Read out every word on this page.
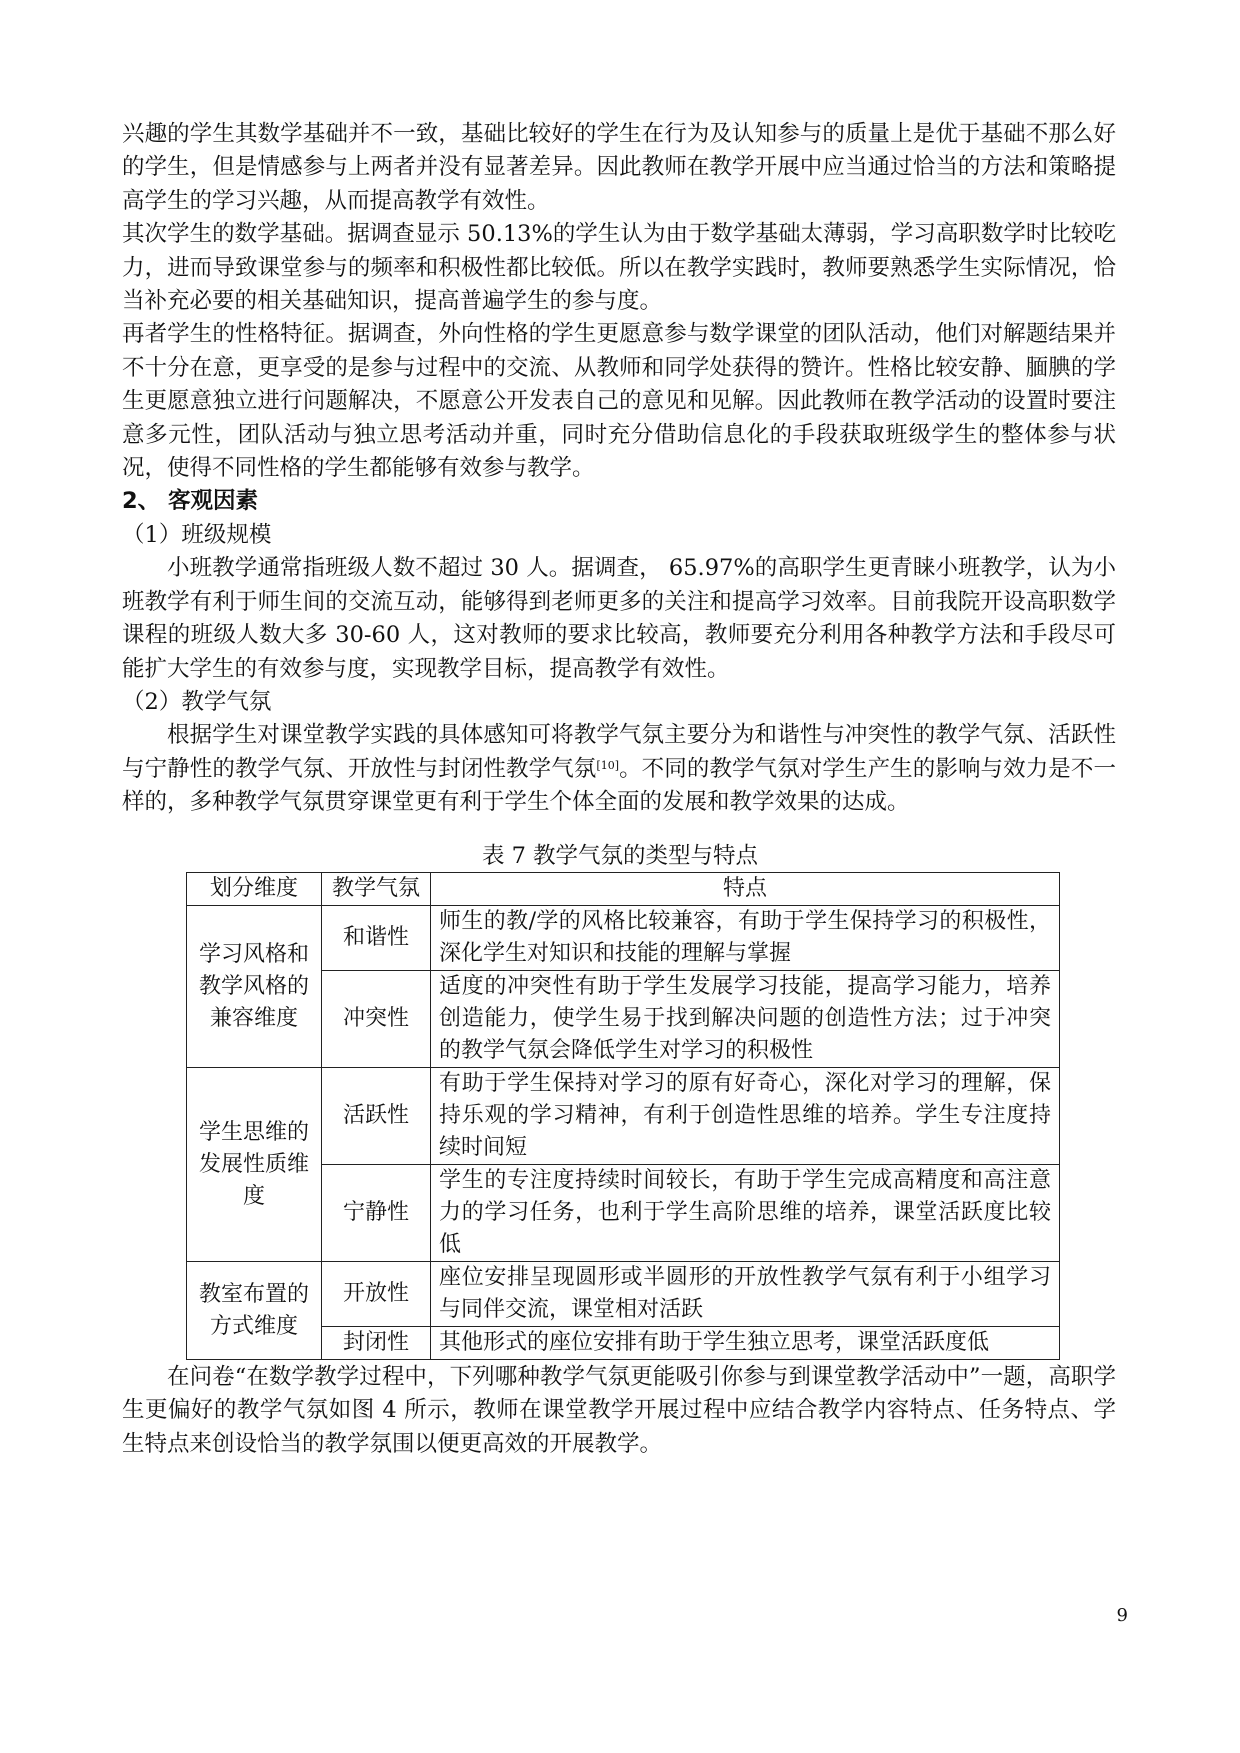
兴趣的学生其数学基础并不一致，基础比较好的学生在行为及认知参与的质量上是优于基础不那么好的学生，但是情感参与上两者并没有显著差异。因此教师在教学开展中应当通过恰当的方法和策略提高学生的学习兴趣，从而提高教学有效性。

其次学生的数学基础。据调查显示 50.13%的学生认为由于数学基础太薄弱，学习高职数学时比较吃力，进而导致课堂参与的频率和积极性都比较低。所以在教学实践时，教师要熟悉学生实际情况，恰当补充必要的相关基础知识，提高普遍学生的参与度。

再者学生的性格特征。据调查，外向性格的学生更愿意参与数学课堂的团队活动，他们对解题结果并不十分在意，更享受的是参与过程中的交流、从教师和同学处获得的赞许。性格比较安静、腼腆的学生更愿意独立进行问题解决，不愿意公开发表自己的意见和见解。因此教师在教学活动的设置时要注意多元性，团队活动与独立思考活动并重，同时充分借助信息化的手段获取班级学生的整体参与状况，使得不同性格的学生都能够有效参与教学。

2、 客观因素

（1）班级规模

小班教学通常指班级人数不超过 30 人。据调查， 65.97%的高职学生更青睐小班教学，认为小班教学有利于师生间的交流互动，能够得到老师更多的关注和提高学习效率。目前我院开设高职数学课程的班级人数大多 30-60 人，这对教师的要求比较高，教师要充分利用各种教学方法和手段尽可能扩大学生的有效参与度，实现教学目标，提高教学有效性。

（2）教学气氛

根据学生对课堂教学实践的具体感知可将教学气氛主要分为和谐性与冲突性的教学气氛、活跃性与宁静性的教学气氛、开放性与封闭性教学气氛[10]。不同的教学气氛对学生产生的影响与效力是不一样的，多种教学气氛贯穿课堂更有利于学生个体全面的发展和教学效果的达成。

表 7 教学气氛的类型与特点
划分维度	教学气氛	特点
学习风格和教学风格的兼容维度	和谐性	师生的教/学的风格比较兼容，有助于学生保持学习的积极性，深化学生对知识和技能的理解与掌握
	冲突性	适度的冲突性有助于学生发展学习技能，提高学习能力，培养创造能力，使学生易于找到解决问题的创造性方法；过于冲突的教学气氛会降低学生对学习的积极性
学生思维的发展性质维度	活跃性	有助于学生保持对学习的原有好奇心，深化对学习的理解，保持乐观的学习精神，有利于创造性思维的培养。学生专注度持续时间短
	宁静性	学生的专注度持续时间较长，有助于学生完成高精度和高注意力的学习任务，也利于学生高阶思维的培养，课堂活跃度比较低
教室布置的方式维度	开放性	座位安排呈现圆形或半圆形的开放性教学气氛有利于小组学习与同伴交流，课堂相对活跃
	封闭性	其他形式的座位安排有助于学生独立思考，课堂活跃度低

在问卷“在数学教学过程中，下列哪种教学气氛更能吸引你参与到课堂教学活动中”一题，高职学生更偏好的教学气氛如图 4 所示，教师在课堂教学开展过程中应结合教学内容特点、任务特点、学生特点来创设恰当的教学氛围以便更高效的开展教学。

9
